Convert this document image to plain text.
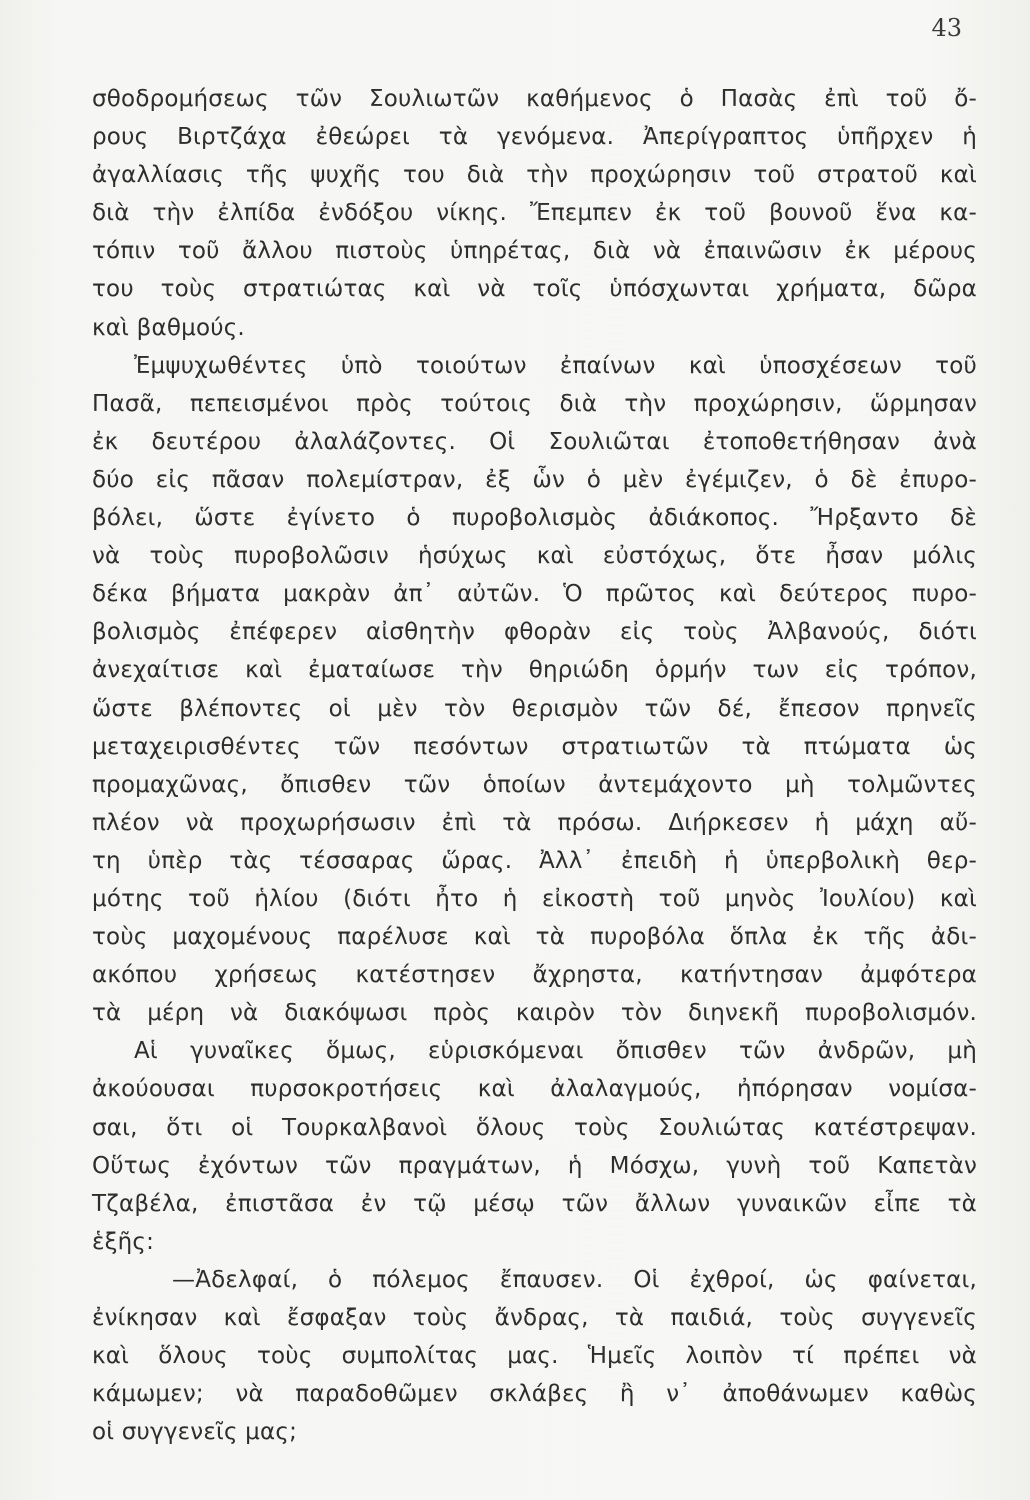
43
σθοδρομήσεως τῶν Σουλιωτῶν καθήμενος ὁ Πασὰς ἐπὶ τοῦ ὄ-
ρους Βιρτζάχα ἐθεώρει τὰ γενόμενα. Ἀπερίγραπτος ὑπῆρχεν ἡ
ἀγαλλίασις τῆς ψυχῆς του διὰ τὴν προχώρησιν τοῦ στρατοῦ καὶ
διὰ τὴν ἐλπίδα ἐνδόξου νίκης. Ἔπεμπεν ἐκ τοῦ βουνοῦ ἕνα κα-
τόπιν τοῦ ἄλλου πιστοὺς ὑπηρέτας, διὰ νὰ ἐπαινῶσιν ἐκ μέρους
του τοὺς στρατιώτας καὶ νὰ τοῖς ὑπόσχωνται χρήματα, δῶρα
καὶ βαθμούς.
Ἐμψυχωθέντες ὑπὸ τοιούτων ἐπαίνων καὶ ὑποσχέσεων τοῦ
Πασᾶ, πεπεισμένοι πρὸς τούτοις διὰ τὴν προχώρησιν, ὥρμησαν
ἐκ δευτέρου ἀλαλάζοντες. Οἱ Σουλιῶται ἐτοποθετήθησαν ἀνὰ
δύο εἰς πᾶσαν πολεμίστραν, ἐξ ὧν ὁ μὲν ἐγέμιζεν, ὁ δὲ ἐπυρο-
βόλει, ὥστε ἐγίνετο ὁ πυροβολισμὸς ἀδιάκοπος. Ἤρξαντο δὲ
νὰ τοὺς πυροβολῶσιν ἡσύχως καὶ εὐστόχως, ὅτε ἦσαν μόλις
δέκα βήματα μακρὰν ἀπ᾽ αὐτῶν. Ὁ πρῶτος καὶ δεύτερος πυρο-
βολισμὸς ἐπέφερεν αἰσθητὴν φθορὰν εἰς τοὺς Ἀλβανούς, διότι
ἀνεχαίτισε καὶ ἐματαίωσε τὴν θηριώδη ὁρμήν των εἰς τρόπον,
ὥστε βλέποντες οἱ μὲν τὸν θερισμὸν τῶν δέ, ἔπεσον πρηνεῖς
μεταχειρισθέντες τῶν πεσόντων στρατιωτῶν τὰ πτώματα ὡς
προμαχῶνας, ὄπισθεν τῶν ὁποίων ἀντεμάχοντο μὴ τολμῶντες
πλέον νὰ προχωρήσωσιν ἐπὶ τὰ πρόσω. Διήρκεσεν ἡ μάχη αὔ-
τη ὑπὲρ τὰς τέσσαρας ὥρας. Ἀλλ᾽ ἐπειδὴ ἡ ὑπερβολικὴ θερ-
μότης τοῦ ἡλίου (διότι ἦτο ἡ εἰκοστὴ τοῦ μηνὸς Ἰουλίου) καὶ
τοὺς μαχομένους παρέλυσε καὶ τὰ πυροβόλα ὅπλα ἐκ τῆς ἀδι-
ακόπου χρήσεως κατέστησεν ἄχρηστα, κατήντησαν ἀμφότερα
τὰ μέρη νὰ διακόψωσι πρὸς καιρὸν τὸν διηνεκῆ πυροβολισμόν.
Αἱ γυναῖκες ὅμως, εὑρισκόμεναι ὄπισθεν τῶν ἀνδρῶν, μὴ
ἀκούουσαι πυρσοκροτήσεις καὶ ἀλαλαγμούς, ἠπόρησαν νομίσα-
σαι, ὅτι οἱ Τουρκαλβανοὶ ὅλους τοὺς Σουλιώτας κατέστρεψαν.
Οὕτως ἐχόντων τῶν πραγμάτων, ἡ Μόσχω, γυνὴ τοῦ Καπετὰν
Τζαβέλα, ἐπιστᾶσα ἐν τῷ μέσῳ τῶν ἄλλων γυναικῶν εἶπε τὰ
ἑξῆς:
—Ἀδελφαί, ὁ πόλεμος ἔπαυσεν. Οἱ ἐχθροί, ὡς φαίνεται,
ἐνίκησαν καὶ ἔσφαξαν τοὺς ἄνδρας, τὰ παιδιά, τοὺς συγγενεῖς
καὶ ὅλους τοὺς συμπολίτας μας. Ἡμεῖς λοιπὸν τί πρέπει νὰ
κάμωμεν; νὰ παραδοθῶμεν σκλάβες ἢ ν᾽ ἀποθάνωμεν καθὼς
οἱ συγγενεῖς μας;
